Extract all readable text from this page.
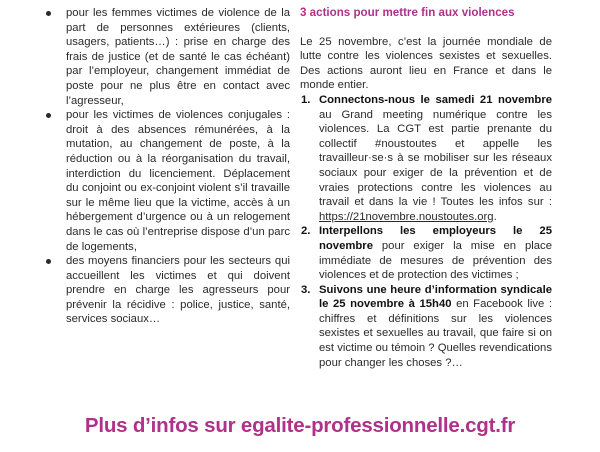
pour les femmes victimes de violence de la part de personnes extérieures (clients, usagers, patients…) : prise en charge des frais de justice (et de santé le cas échéant) par l’employeur, changement immédiat de poste pour ne plus être en contact avec l’agresseur,
pour les victimes de violences conjugales : droit à des absences rémunérées, à la mutation, au changement de poste, à la réduction ou à la réorganisation du travail, interdiction du licenciement. Déplacement du conjoint ou ex-conjoint violent s’il travaille sur le même lieu que la victime, accès à un hébergement d’urgence ou à un relogement dans le cas où l’entreprise dispose d’un parc de logements,
des moyens financiers pour les secteurs qui accueillent les victimes et qui doivent prendre en charge les agresseurs pour prévenir la récidive : police, justice, santé, services sociaux…
3 actions pour mettre fin aux violences

Le 25 novembre, c’est la journée mondiale de lutte contre les violences sexistes et sexuelles. Des actions auront lieu en France et dans le monde entier.

1. Connectons-nous le samedi 21 novembre au Grand meeting numérique contre les violences. La CGT est partie prenante du collectif #noustoutes et appelle les travailleur·se·s à se mobiliser sur les réseaux sociaux pour exiger de la prévention et de vraies protections contre les violences au travail et dans la vie ! Toutes les infos sur : https://21novembre.noustoutes.org.
2. Interpellons les employeurs le 25 novembre pour exiger la mise en place immédiate de mesures de prévention des violences et de protection des victimes ;
3. Suivons une heure d’information syndicale le 25 novembre à 15h40 en Facebook live : chiffres et définitions sur les violences sexistes et sexuelles au travail, que faire si on est victime ou témoin ? Quelles revendications pour changer les choses ?…
Plus d’infos sur egalite-professionnelle.cgt.fr
